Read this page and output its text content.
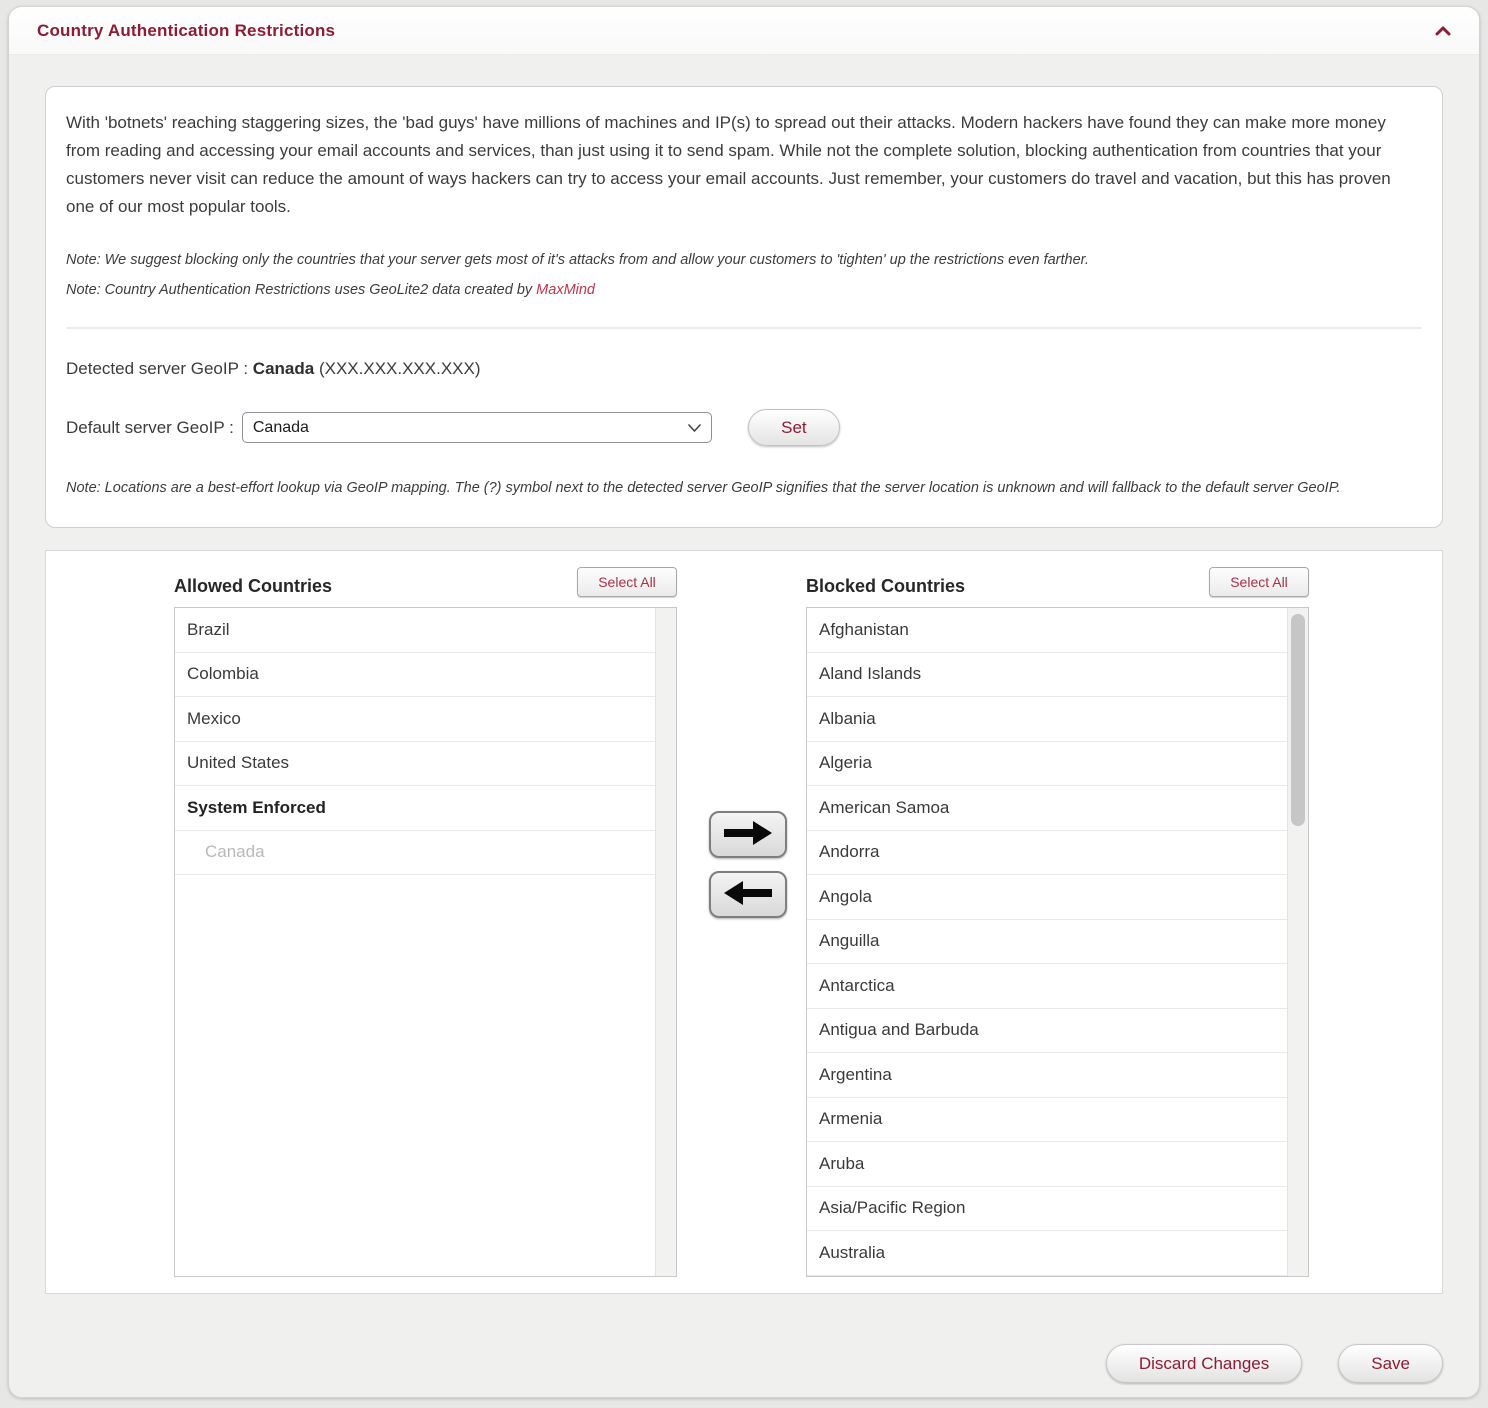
Country Authentication Restrictions
With 'botnets' reaching staggering sizes, the 'bad guys' have millions of machines and IP(s) to spread out their attacks. Modern hackers have found they can make more money from reading and accessing your email accounts and services, than just using it to send spam. While not the complete solution, blocking authentication from countries that your customers never visit can reduce the amount of ways hackers can try to access your email accounts. Just remember, your customers do travel and vacation, but this has proven one of our most popular tools.
Note: We suggest blocking only the countries that your server gets most of it's attacks from and allow your customers to 'tighten' up the restrictions even farther.
Note: Country Authentication Restrictions uses GeoLite2 data created by MaxMind
Detected server GeoIP : Canada (XXX.XXX.XXX.XXX)
Default server GeoIP : Canada	Set
Note: Locations are a best-effort lookup via GeoIP mapping. The (?) symbol next to the detected server GeoIP signifies that the server location is unknown and will fallback to the default server GeoIP.
Allowed Countries	Select All
Brazil
Colombia
Mexico
United States
System Enforced
Canada
Blocked Countries	Select All
Afghanistan
Aland Islands
Albania
Algeria
American Samoa
Andorra
Angola
Anguilla
Antarctica
Antigua and Barbuda
Argentina
Armenia
Aruba
Asia/Pacific Region
Australia
Discard Changes	Save
